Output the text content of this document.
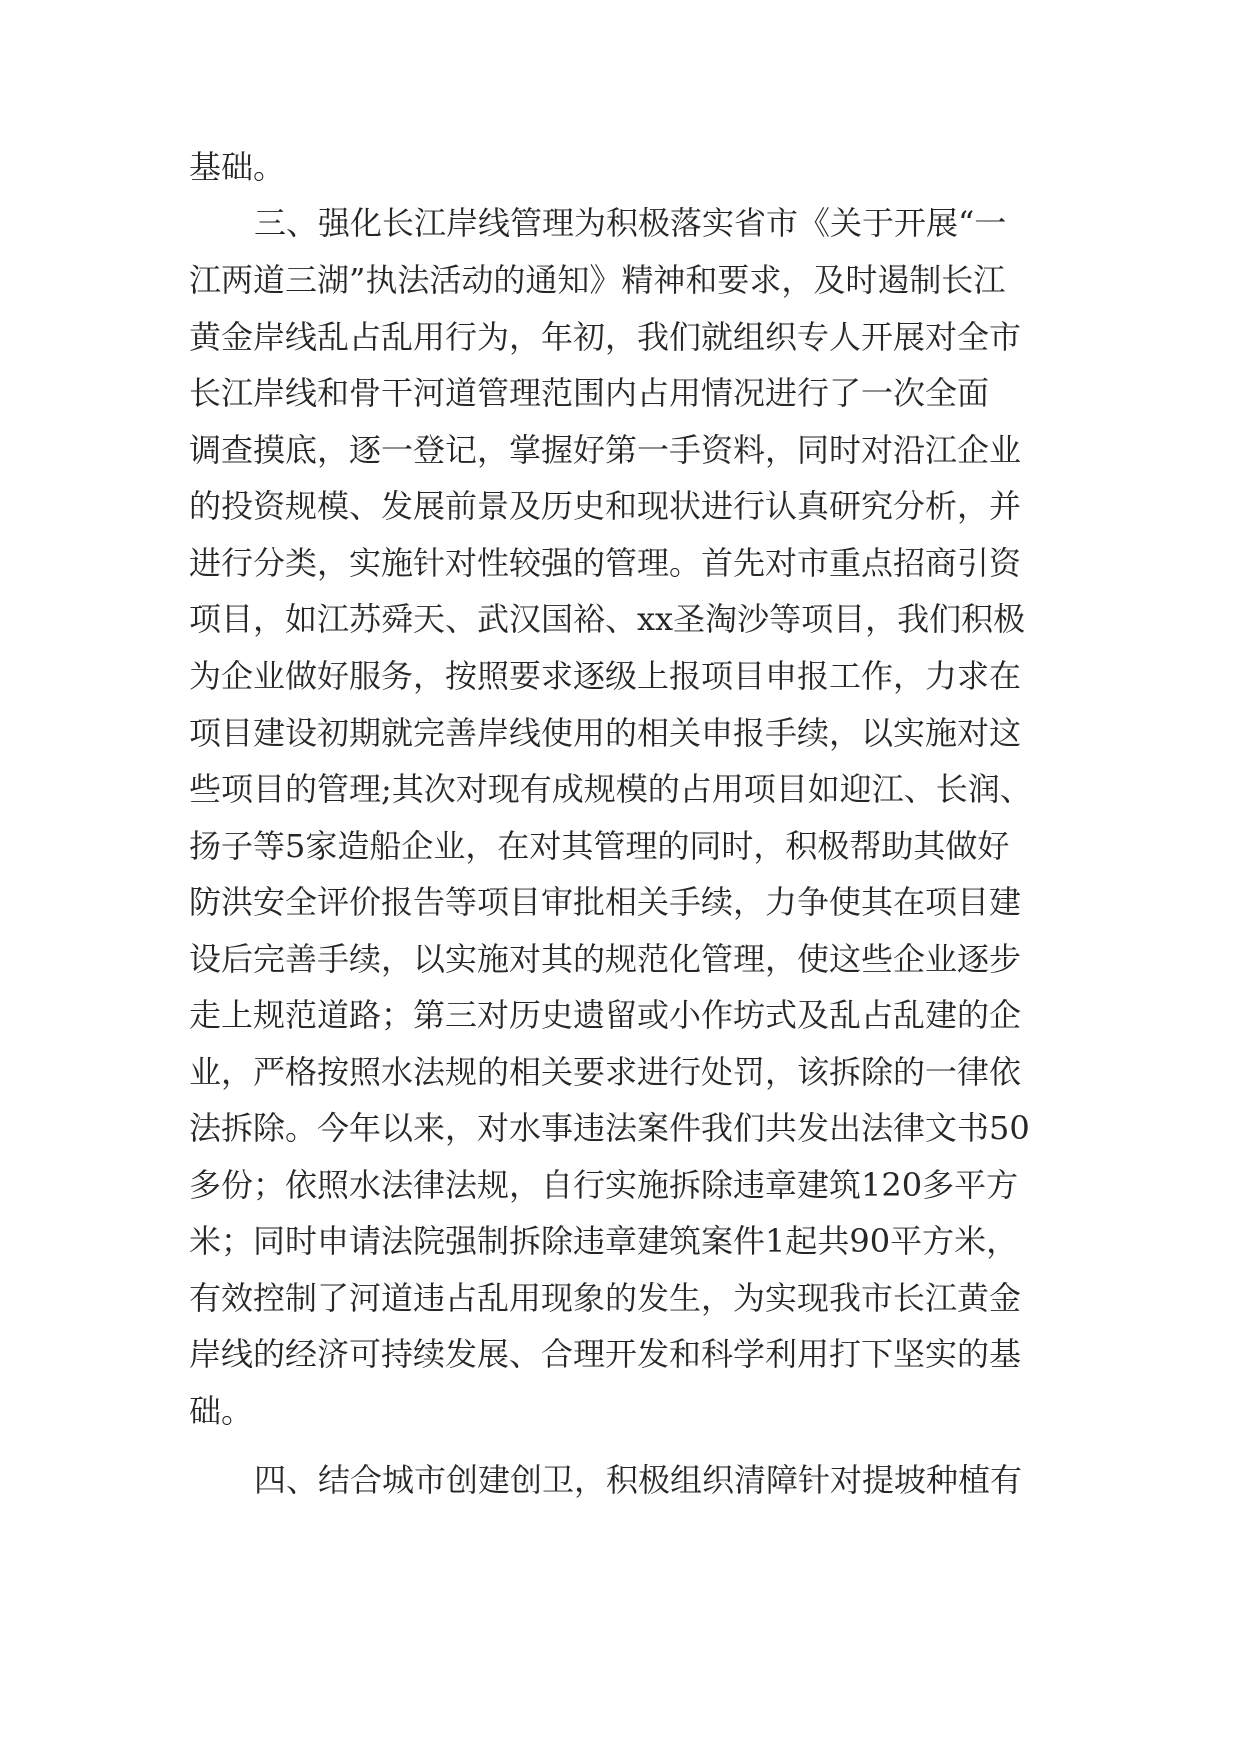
基础。
三、强化长江岸线管理为积极落实省市《关于开展“一
江两道三湖”执法活动的通知》精神和要求，及时遏制长江
黄金岸线乱占乱用行为，年初，我们就组织专人开展对全市
长江岸线和骨干河道管理范围内占用情况进行了一次全面
调查摸底，逐一登记，掌握好第一手资料，同时对沿江企业
的投资规模、发展前景及历史和现状进行认真研究分析，并
进行分类，实施针对性较强的管理。首先对市重点招商引资
项目，如江苏舜天、武汉国裕、xx圣淘沙等项目，我们积极
为企业做好服务，按照要求逐级上报项目申报工作，力求在
项目建设初期就完善岸线使用的相关申报手续，以实施对这
些项目的管理;其次对现有成规模的占用项目如迎江、长润、
扬子等5家造船企业，在对其管理的同时，积极帮助其做好
防洪安全评价报告等项目审批相关手续，力争使其在项目建
设后完善手续，以实施对其的规范化管理，使这些企业逐步
走上规范道路；第三对历史遗留或小作坊式及乱占乱建的企
业，严格按照水法规的相关要求进行处罚，该拆除的一律依
法拆除。今年以来，对水事违法案件我们共发出法律文书50
多份；依照水法律法规，自行实施拆除违章建筑120多平方
米；同时申请法院强制拆除违章建筑案件1起共90平方米，
有效控制了河道违占乱用现象的发生，为实现我市长江黄金
岸线的经济可持续发展、合理开发和科学利用打下坚实的基
础。
四、结合城市创建创卫，积极组织清障针对提坡种植有
